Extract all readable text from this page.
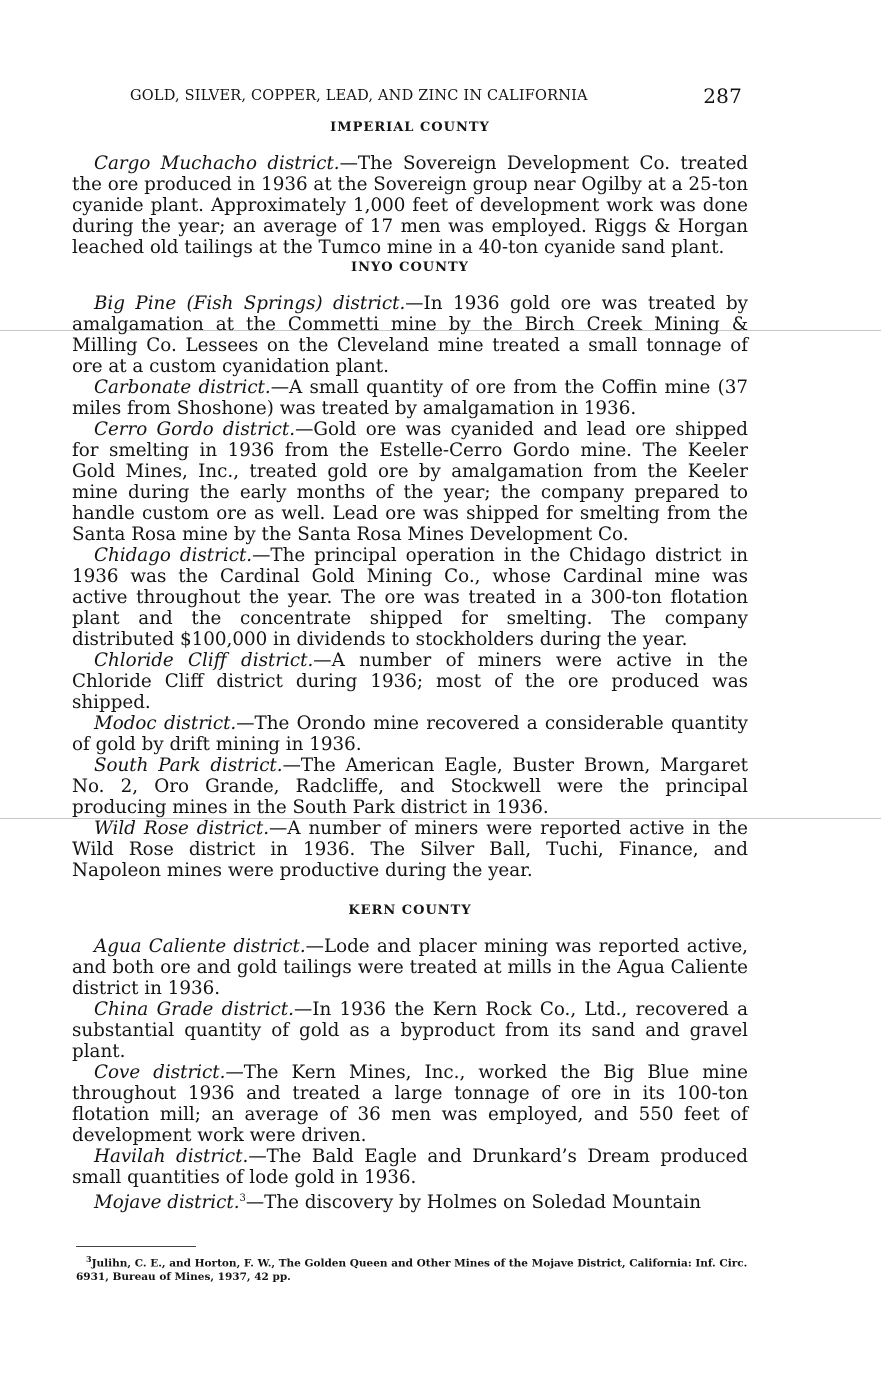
GOLD, SILVER, COPPER, LEAD, AND ZINC IN CALIFORNIA	287
IMPERIAL COUNTY

Cargo Muchacho district.—The Sovereign Development Co. treated the ore produced in 1936 at the Sovereign group near Ogilby at a 25-ton cyanide plant. Approximately 1,000 feet of development work was done during the year; an average of 17 men was employed. Riggs & Horgan leached old tailings at the Tumco mine in a 40-ton cyanide sand plant.

INYO COUNTY

Big Pine (Fish Springs) district.—In 1936 gold ore was treated by amalgamation at the Commetti mine by the Birch Creek Mining & Milling Co. Lessees on the Cleveland mine treated a small tonnage of ore at a custom cyanidation plant.

Carbonate district.—A small quantity of ore from the Coffin mine (37 miles from Shoshone) was treated by amalgamation in 1936.

Cerro Gordo district.—Gold ore was cyanided and lead ore shipped for smelting in 1936 from the Estelle-Cerro Gordo mine. The Keeler Gold Mines, Inc., treated gold ore by amalgamation from the Keeler mine during the early months of the year; the company prepared to handle custom ore as well. Lead ore was shipped for smelting from the Santa Rosa mine by the Santa Rosa Mines Development Co.

Chidago district.—The principal operation in the Chidago district in 1936 was the Cardinal Gold Mining Co., whose Cardinal mine was active throughout the year. The ore was treated in a 300-ton flotation plant and the concentrate shipped for smelting. The company distributed $100,000 in dividends to stockholders during the year.

Chloride Cliff district.—A number of miners were active in the Chloride Cliff district during 1936; most of the ore produced was shipped.

Modoc district.—The Orondo mine recovered a considerable quantity of gold by drift mining in 1936.

South Park district.—The American Eagle, Buster Brown, Margaret No. 2, Oro Grande, Radcliffe, and Stockwell were the principal producing mines in the South Park district in 1936.

Wild Rose district.—A number of miners were reported active in the Wild Rose district in 1936. The Silver Ball, Tuchi, Finance, and Napoleon mines were productive during the year.

KERN COUNTY

Agua Caliente district.—Lode and placer mining was reported active, and both ore and gold tailings were treated at mills in the Agua Caliente district in 1936.

China Grade district.—In 1936 the Kern Rock Co., Ltd., recovered a substantial quantity of gold as a byproduct from its sand and gravel plant.

Cove district.—The Kern Mines, Inc., worked the Big Blue mine throughout 1936 and treated a large tonnage of ore in its 100-ton flotation mill; an average of 36 men was employed, and 550 feet of development work were driven.

Havilah district.—The Bald Eagle and Drunkard’s Dream produced small quantities of lode gold in 1936.

Mojave district.$^3$—The discovery by Holmes on Soledad Mountain

$^3$Julihn, C. E., and Horton, F. W., The Golden Queen and Other Mines of the Mojave District, California: Inf. Circ. 6931, Bureau of Mines, 1937, 42 pp.
